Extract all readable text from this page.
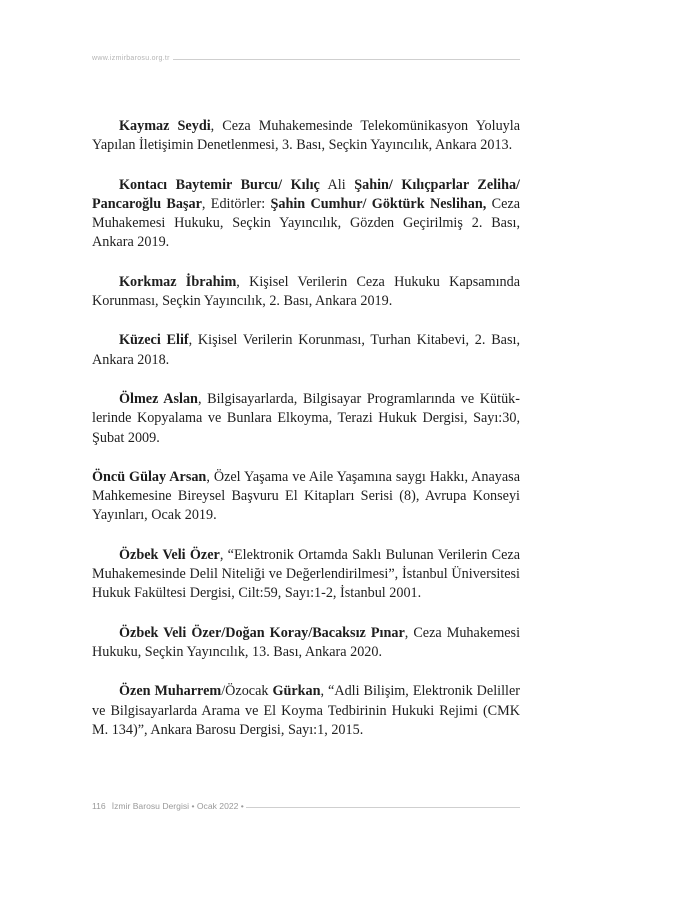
www.izmirbarosu.org.tr

Kaymaz Seydi, Ceza Muhakemesinde Telekomünikasyon Yoluyla Yapılan İletişimin Denetlenmesi, 3. Bası, Seçkin Yayıncılık, Ankara 2013.

Kontacı Baytemir Burcu/ Kılıç Ali Şahin/ Kılıçparlar Zeliha/ Pancaroğlu Başar, Editörler: Şahin Cumhur/ Göktürk Neslihan, Ceza Muhakemesi Hukuku, Seçkin Yayıncılık, Gözden Geçirilmiş 2. Bası, Ankara 2019.

Korkmaz İbrahim, Kişisel Verilerin Ceza Hukuku Kapsamında Korunması, Seçkin Yayıncılık, 2. Bası, Ankara 2019.

Küzeci Elif, Kişisel Verilerin Korunması, Turhan Kitabevi, 2. Bası, Ankara 2018.

Ölmez Aslan, Bilgisayarlarda, Bilgisayar Programlarında ve Kütüklerinde Kopyalama ve Bunlara Elkoyma, Terazi Hukuk Dergisi, Sayı:30, Şubat 2009.

Öncü Gülay Arsan, Özel Yaşama ve Aile Yaşamına saygı Hakkı, Anayasa Mahkemesine Bireysel Başvuru El Kitapları Serisi (8), Avrupa Konseyi Yayınları, Ocak 2019.

Özbek Veli Özer, “Elektronik Ortamda Saklı Bulunan Verilerin Ceza Muhakemesinde Delil Niteliği ve Değerlendirilmesi”, İstanbul Üniversitesi Hukuk Fakültesi Dergisi, Cilt:59, Sayı:1-2, İstanbul 2001.

Özbek Veli Özer/Doğan Koray/Bacaksız Pınar, Ceza Muhakemesi Hukuku, Seçkin Yayıncılık, 13. Bası, Ankara 2020.

Özen Muharrem/Özocak Gürkan, “Adli Bilişim, Elektronik Deliller ve Bilgisayarlarda Arama ve El Koyma Tedbirinin Hukuki Rejimi (CMK M. 134)”, Ankara Barosu Dergisi, Sayı:1, 2015.

116 İzmir Barosu Dergisi • Ocak 2022 •
